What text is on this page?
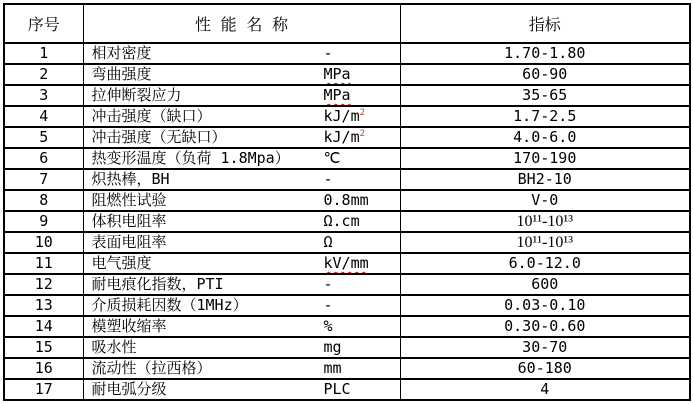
序号	性 能 名 称	指标
1	相对密度 -	1.70-1.80
2	弯曲强度 MPa	60-90
3	拉伸断裂应力 MPa	35-65
4	冲击强度（缺口） $kJ/m^2$	1.7-2.5
5	冲击强度（无缺口） $kJ/m^2$	4.0-6.0
6	热变形温度（负荷 1.8Mpa） ℃	170-190
7	炽热棒，BH -	BH2-10
8	阻燃性试验 0.8mm	V-0
9	体积电阻率 Ω.cm	10¹¹-10¹³
10	表面电阻率 Ω	10¹¹-10¹³
11	电气强度 kV/mm	6.0-12.0
12	耐电痕化指数，PTI -	600
13	介质损耗因数（1MHz） -	0.03-0.10
14	模塑收缩率 %	0.30-0.60
15	吸水性 mg	30-70
16	流动性（拉西格） mm	60-180
17	耐电弧分级 PLC	4
